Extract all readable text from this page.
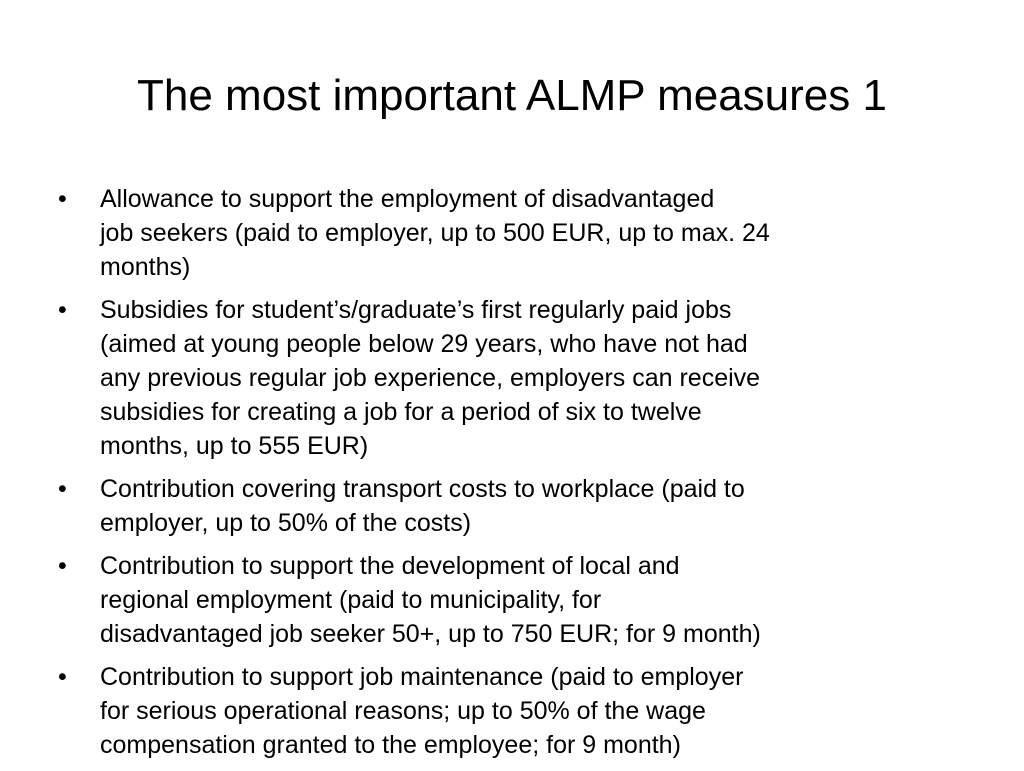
The most important ALMP measures 1
•	Allowance to support the employment of disadvantaged
job seekers (paid to employer, up to 500 EUR, up to max. 24
months)
•	Subsidies for student’s/graduate’s first regularly paid jobs
(aimed at young people below 29 years, who have not had
any previous regular job experience, employers can receive
subsidies for creating a job for a period of six to twelve
months, up to 555 EUR)
•	Contribution covering transport costs to workplace (paid to
employer, up to 50% of the costs)
•	Contribution to support the development of local and
regional employment (paid to municipality, for
disadvantaged job seeker 50+, up to 750 EUR; for 9 month)
•	Contribution to support job maintenance (paid to employer
for serious operational reasons; up to 50% of the wage
compensation granted to the employee; for 9 month)
